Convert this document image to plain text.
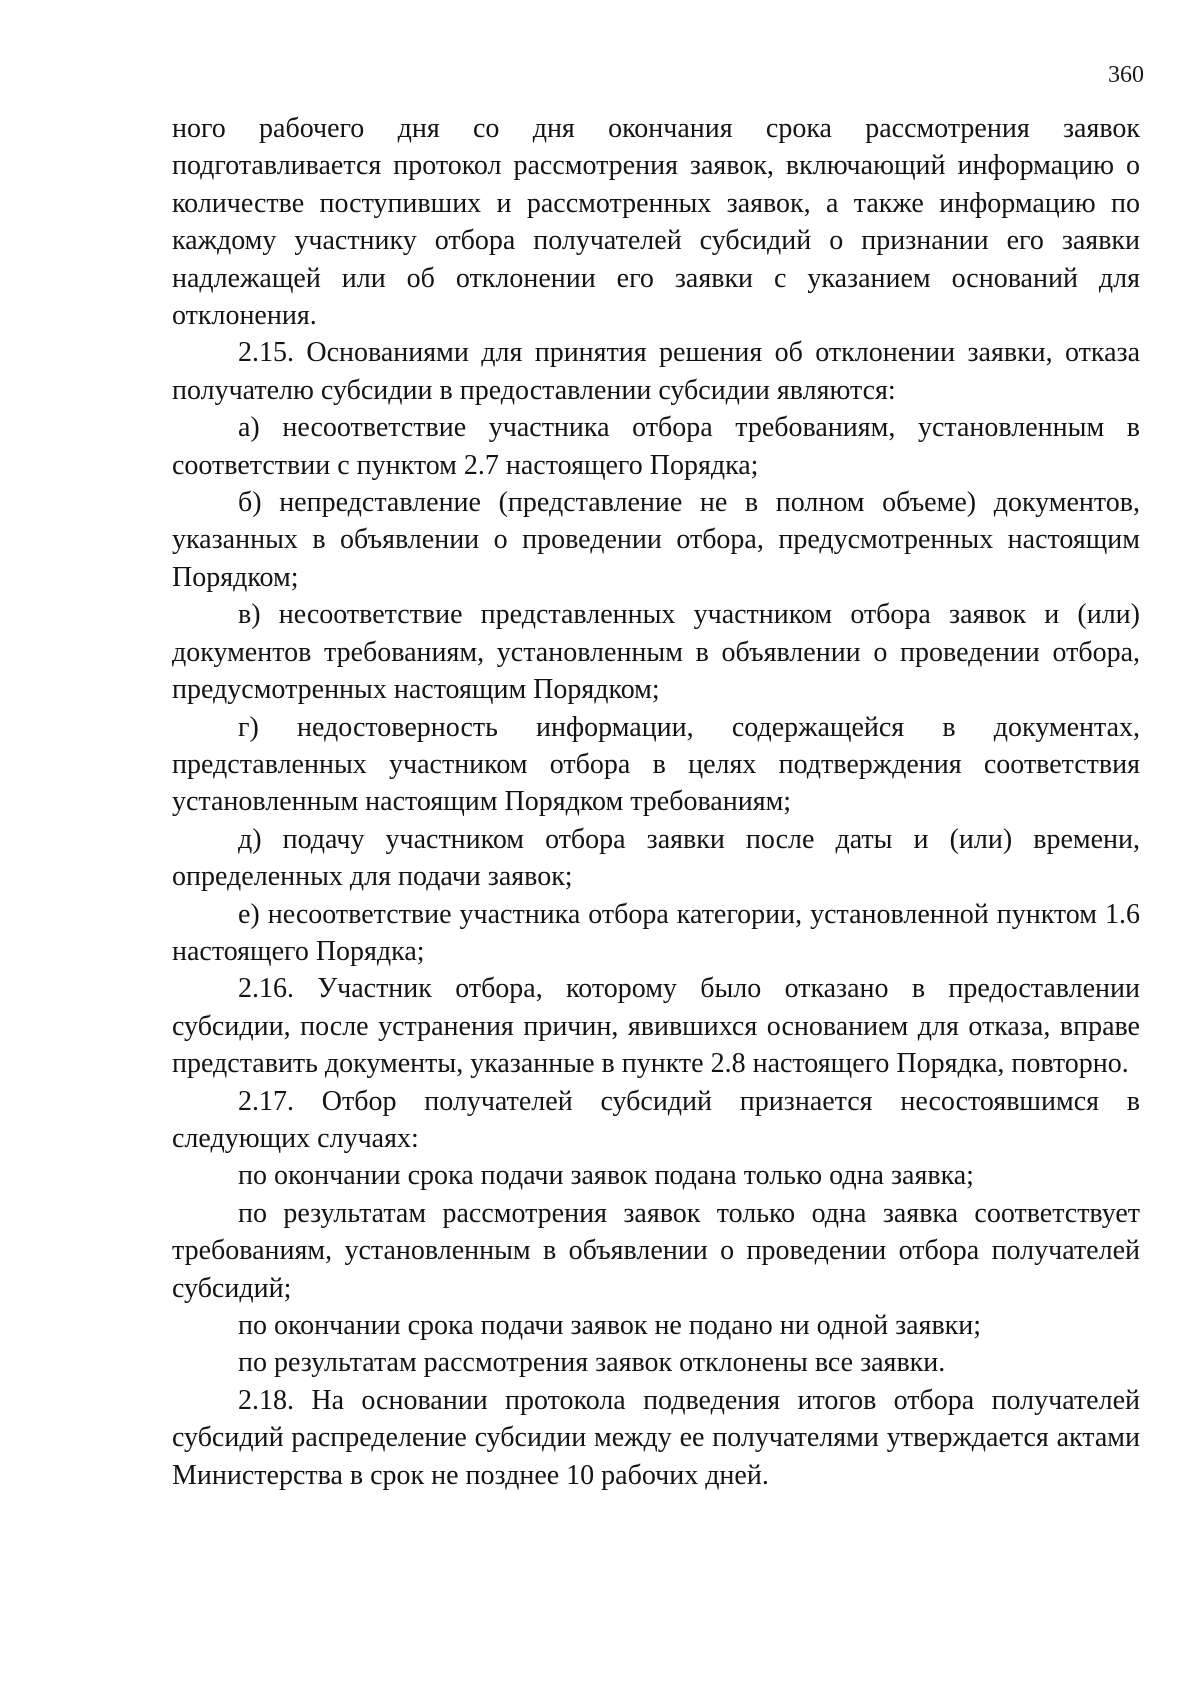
360

ного рабочего дня со дня окончания срока рассмотрения заявок подготавливается протокол рассмотрения заявок, включающий информацию о количестве поступивших и рассмотренных заявок, а также информацию по каждому участнику отбора получателей субсидий о признании его заявки надлежащей или об отклонении его заявки с указанием оснований для отклонения.

2.15. Основаниями для принятия решения об отклонении заявки, отказа получателю субсидии в предоставлении субсидии являются:

а) несоответствие участника отбора требованиям, установленным в соответствии с пунктом 2.7 настоящего Порядка;

б) непредставление (представление не в полном объеме) документов, указанных в объявлении о проведении отбора, предусмотренных настоящим Порядком;

в) несоответствие представленных участником отбора заявок и (или) документов требованиям, установленным в объявлении о проведении отбора, предусмотренных настоящим Порядком;

г) недостоверность информации, содержащейся в документах, представленных участником отбора в целях подтверждения соответствия установленным настоящим Порядком требованиям;

д) подачу участником отбора заявки после даты и (или) времени, определенных для подачи заявок;

е) несоответствие участника отбора категории, установленной пунктом 1.6 настоящего Порядка;

2.16. Участник отбора, которому было отказано в предоставлении субсидии, после устранения причин, явившихся основанием для отказа, вправе представить документы, указанные в пункте 2.8 настоящего Порядка, повторно.

2.17. Отбор получателей субсидий признается несостоявшимся в следующих случаях:

по окончании срока подачи заявок подана только одна заявка;

по результатам рассмотрения заявок только одна заявка соответствует требованиям, установленным в объявлении о проведении отбора получателей субсидий;

по окончании срока подачи заявок не подано ни одной заявки;

по результатам рассмотрения заявок отклонены все заявки.

2.18. На основании протокола подведения итогов отбора получателей субсидий распределение субсидии между ее получателями утверждается актами Министерства в срок не позднее 10 рабочих дней.
